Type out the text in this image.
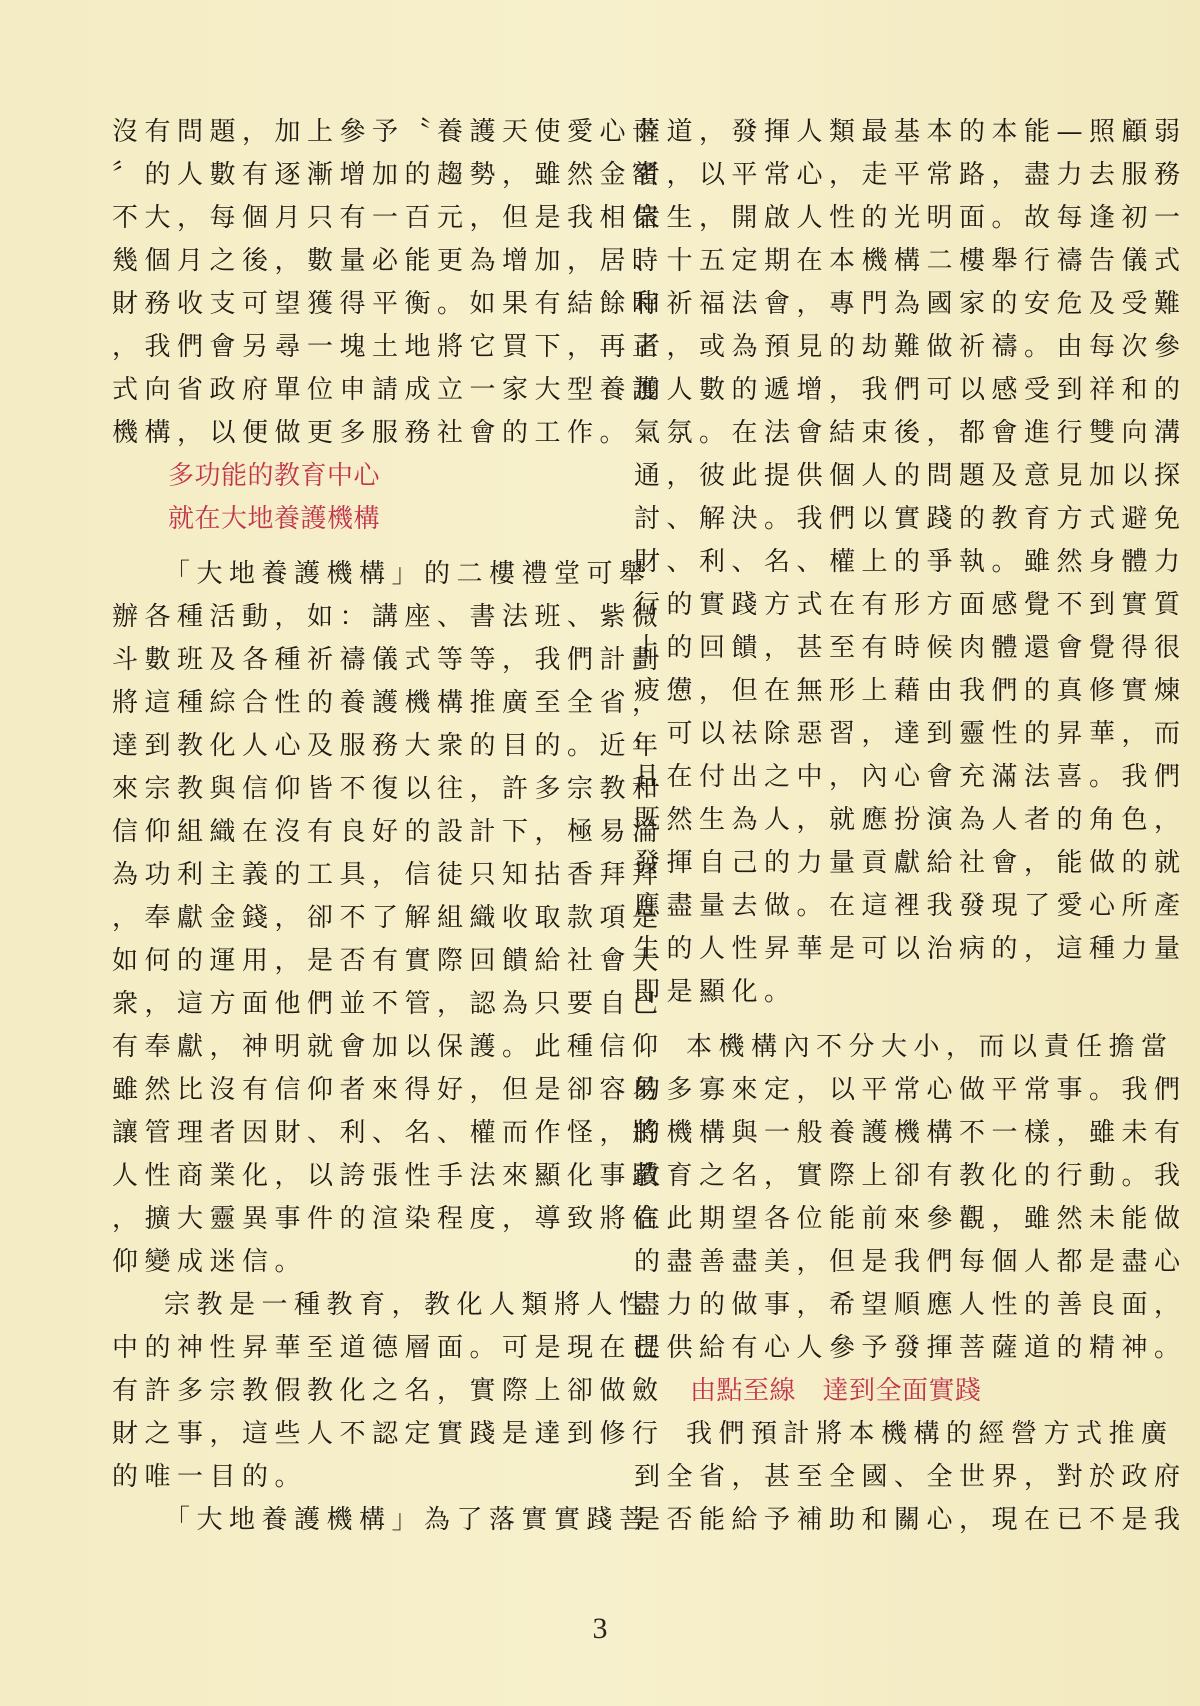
沒有問題，加上參予〝養護天使愛心卡
〞的人數有逐漸增加的趨勢，雖然金額
不大，每個月只有一百元，但是我相信
幾個月之後，數量必能更為增加，居時
財務收支可望獲得平衡。如果有結餘時
，我們會另尋一塊土地將它買下，再正
式向省政府單位申請成立一家大型養護
機構，以便做更多服務社會的工作。
多功能的教育中心
就在大地養護機構
「大地養護機構」的二樓禮堂可舉
辦各種活動，如：講座、書法班、紫微
斗數班及各種祈禱儀式等等，我們計劃
將這種綜合性的養護機構推廣至全省，
達到教化人心及服務大衆的目的。近年
來宗教與信仰皆不復以往，許多宗教和
信仰組織在沒有良好的設計下，極易淪
為功利主義的工具，信徒只知拈香拜拜
，奉獻金錢，卻不了解組織收取款項是
如何的運用，是否有實際回饋給社會大
衆，這方面他們並不管，認為只要自己
有奉獻，神明就會加以保護。此種信仰
雖然比沒有信仰者來得好，但是卻容易
讓管理者因財、利、名、權而作怪，將
人性商業化，以誇張性手法來顯化事蹟
，擴大靈異事件的渲染程度，導致將信
仰變成迷信。
宗教是一種教育，教化人類將人性
中的神性昇華至道德層面。可是現在已
有許多宗教假教化之名，實際上卻做斂
財之事，這些人不認定實踐是達到修行
的唯一目的。
「大地養護機構」為了落實實踐菩
薩道，發揮人類最基本的本能—照顧弱
者，以平常心，走平常路，盡力去服務
衆生，開啟人性的光明面。故每逢初一
、十五定期在本機構二樓舉行禱告儀式
和祈福法會，專門為國家的安危及受難
者，或為預見的劫難做祈禱。由每次參
加人數的遞增，我們可以感受到祥和的
氣氛。在法會結束後，都會進行雙向溝
通，彼此提供個人的問題及意見加以探
討、解決。我們以實踐的教育方式避免
財、利、名、權上的爭執。雖然身體力
行的實踐方式在有形方面感覺不到實質
上的回饋，甚至有時候肉體還會覺得很
疲憊，但在無形上藉由我們的真修實煉
，可以祛除惡習，達到靈性的昇華，而
且在付出之中，內心會充滿法喜。我們
既然生為人，就應扮演為人者的角色，
發揮自己的力量貢獻給社會，能做的就
應盡量去做。在這裡我發現了愛心所產
生的人性昇華是可以治病的，這種力量
即是顯化。
本機構內不分大小，而以責任擔當
的多寡來定，以平常心做平常事。我們
的機構與一般養護機構不一樣，雖未有
教育之名，實際上卻有教化的行動。我
在此期望各位能前來參觀，雖然未能做
的盡善盡美，但是我們每個人都是盡心
盡力的做事，希望順應人性的善良面，
提供給有心人參予發揮菩薩道的精神。
由點至線　達到全面實踐
我們預計將本機構的經營方式推廣
到全省，甚至全國、全世界，對於政府
是否能給予補助和關心，現在已不是我
3
